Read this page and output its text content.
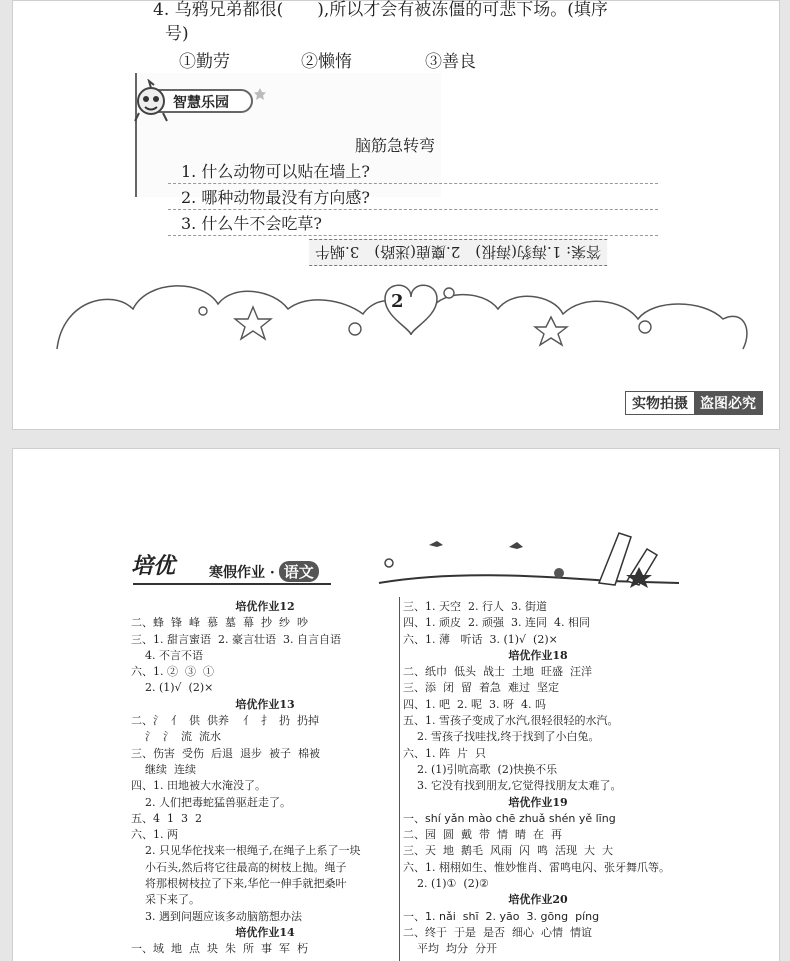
4. 乌鸦兄弟都很(　　),所以才会有被冻僵的可悲下场。(填序
号)
①勤劳	②懒惰	③善良
智慧乐园
脑筋急转弯
1. 什么动物可以贴在墙上?
2. 哪种动物最没有方向感?
3. 什么牛不会吃草?
答案: 1.海豹(海报)　2.麋鹿(迷路)　3.蜗牛
2
实物拍摄 盗图必究
培优 寒假作业 · 语文
培优作业12
二、蜂  锋  峰  慕  墓  幕  抄  纱  吵
三、1. 甜言蜜语  2. 豪言壮语  3. 自言自语
4. 不言不语
六、1. ②  ③  ①
2. (1)√  (2)×
培优作业13
二、氵  亻  供  供养    亻  扌  扔  扔掉
氵  氵  流  流水
三、伤害  受伤  后退  退步  被子  棉被
继续  连续
四、1. 田地被大水淹没了。
2. 人们把毒蛇猛兽驱赶走了。
五、4  1  3  2
六、1. 两
2. 只见华佗找来一根绳子,在绳子上系了一块
小石头,然后将它往最高的树枝上抛。绳子
将那根树枝拉了下来,华佗一伸手就把桑叶
采下来了。
3. 遇到问题应该多动脑筋想办法
培优作业14
一、域  地  点  块  朱  所  事  军  朽
三、1. 天空  2. 行人  3. 街道
四、1. 顽皮  2. 顽强  3. 连同  4. 相同
六、1. 薄   听话  3. (1)√  (2)×
培优作业18
二、纸巾  低头  战士  土地  旺盛  汪洋
三、添  闭  留  着急  难过  坚定
四、1. 吧  2. 呢  3. 呀  4. 吗
五、1. 雪孩子变成了水汽,很轻很轻的水汽。
2. 雪孩子找哇找,终于找到了小白兔。
六、1. 阵  片  只
2. (1)引吭高歌  (2)快换不乐
3. 它没有找到朋友,它觉得找朋友太难了。
培优作业19
一、shí yǎn mào chē zhuǎ shén yě līng
二、园  圆  戴  带  情  晴  在  再
三、天  地  鹅毛  风雨  闪  鸣  活现  大  大
六、1. 栩栩如生、惟妙惟肖、雷鸣电闪、张牙舞爪等。
2. (1)①  (2)②
培优作业20
一、1. nǎi  shī  2. yāo  3. gōng  píng
二、终于  于是  是否  细心  心情  情谊
平均  均分  分开
